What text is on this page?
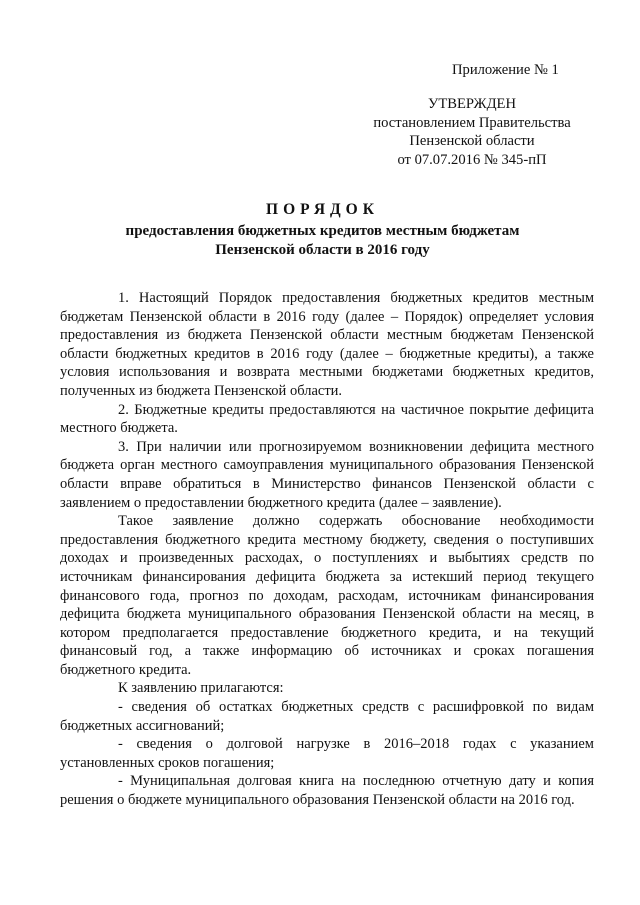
Приложение № 1
УТВЕРЖДЕН
постановлением Правительства
Пензенской области
от 07.07.2016 № 345-пП
ПОРЯДОК
предоставления бюджетных кредитов местным бюджетам
Пензенской области в 2016 году

1. Настоящий Порядок предоставления бюджетных кредитов местным бюджетам Пензенской области в 2016 году (далее – Порядок) определяет условия предоставления из бюджета Пензенской области местным бюджетам Пензенской области бюджетных кредитов в 2016 году (далее – бюджетные кредиты), а также условия использования и возврата местными бюджетами бюджетных кредитов, полученных из бюджета Пензенской области.

2. Бюджетные кредиты предоставляются на частичное покрытие дефицита местного бюджета.

3. При наличии или прогнозируемом возникновении дефицита местного бюджета орган местного самоуправления муниципального образования Пензенской области вправе обратиться в Министерство финансов Пензенской области с заявлением о предоставлении бюджетного кредита (далее – заявление).

Такое заявление должно содержать обоснование необходимости предоставления бюджетного кредита местному бюджету, сведения о поступивших доходах и произведенных расходах, о поступлениях и выбытиях средств по источникам финансирования дефицита бюджета за истекший период текущего финансового года, прогноз по доходам, расходам, источникам финансирования дефицита бюджета муниципального образования Пензенской области на месяц, в котором предполагается предоставление бюджетного кредита, и на текущий финансовый год, а также информацию об источниках и сроках погашения бюджетного кредита.

К заявлению прилагаются:

- сведения об остатках бюджетных средств с расшифровкой по видам бюджетных ассигнований;

- сведения о долговой нагрузке в 2016–2018 годах с указанием установленных сроков погашения;

- Муниципальная долговая книга на последнюю отчетную дату и копия решения о бюджете муниципального образования Пензенской области на 2016 год.
